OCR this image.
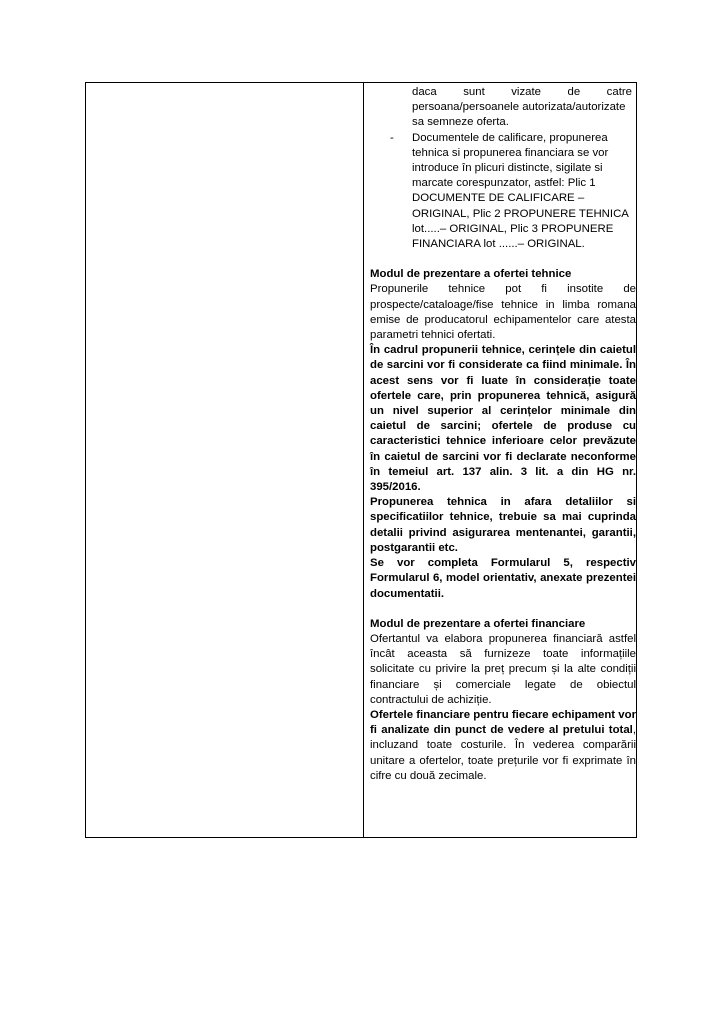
daca sunt vizate de catre

persoana/persoanele autorizata/autorizate sa semneze oferta.

- Documentele de calificare, propunerea tehnica si propunerea financiara se vor introduce în plicuri distincte, sigilate si marcate corespunzator, astfel: Plic 1 DOCUMENTE DE CALIFICARE – ORIGINAL, Plic 2 PROPUNERE TEHNICA lot.....– ORIGINAL, Plic 3 PROPUNERE FINANCIARA lot ......– ORIGINAL.

Modul de prezentare a ofertei tehnice

Propunerile tehnice pot fi insotite de prospecte/cataloage/fise tehnice in limba romana emise de producatorul echipamentelor care atesta parametri tehnici ofertati.

În cadrul propunerii tehnice, cerințele din caietul de sarcini vor fi considerate ca fiind minimale. În acest sens vor fi luate în considerație toate ofertele care, prin propunerea tehnică, asigură un nivel superior al cerințelor minimale din caietul de sarcini; ofertele de produse cu caracteristici tehnice inferioare celor prevăzute în caietul de sarcini vor fi declarate neconforme în temeiul art. 137 alin. 3 lit. a din HG nr. 395/2016.

Propunerea tehnica in afara detaliilor si specificatiilor tehnice, trebuie sa mai cuprinda detalii privind asigurarea mentenantei, garantii, postgarantii etc.

Se vor completa Formularul 5, respectiv Formularul 6, model orientativ, anexate prezentei documentatii.

Modul de prezentare a ofertei financiare

Ofertantul va elabora propunerea financiară astfel încât aceasta să furnizeze toate informațiile solicitate cu privire la preț precum și la alte condiții financiare și comerciale legate de obiectul contractului de achiziție.

Ofertele financiare pentru fiecare echipament vor fi analizate din punct de vedere al pretului total, incluzand toate costurile. În vederea comparării unitare a ofertelor, toate prețurile vor fi exprimate în cifre cu două zecimale.
